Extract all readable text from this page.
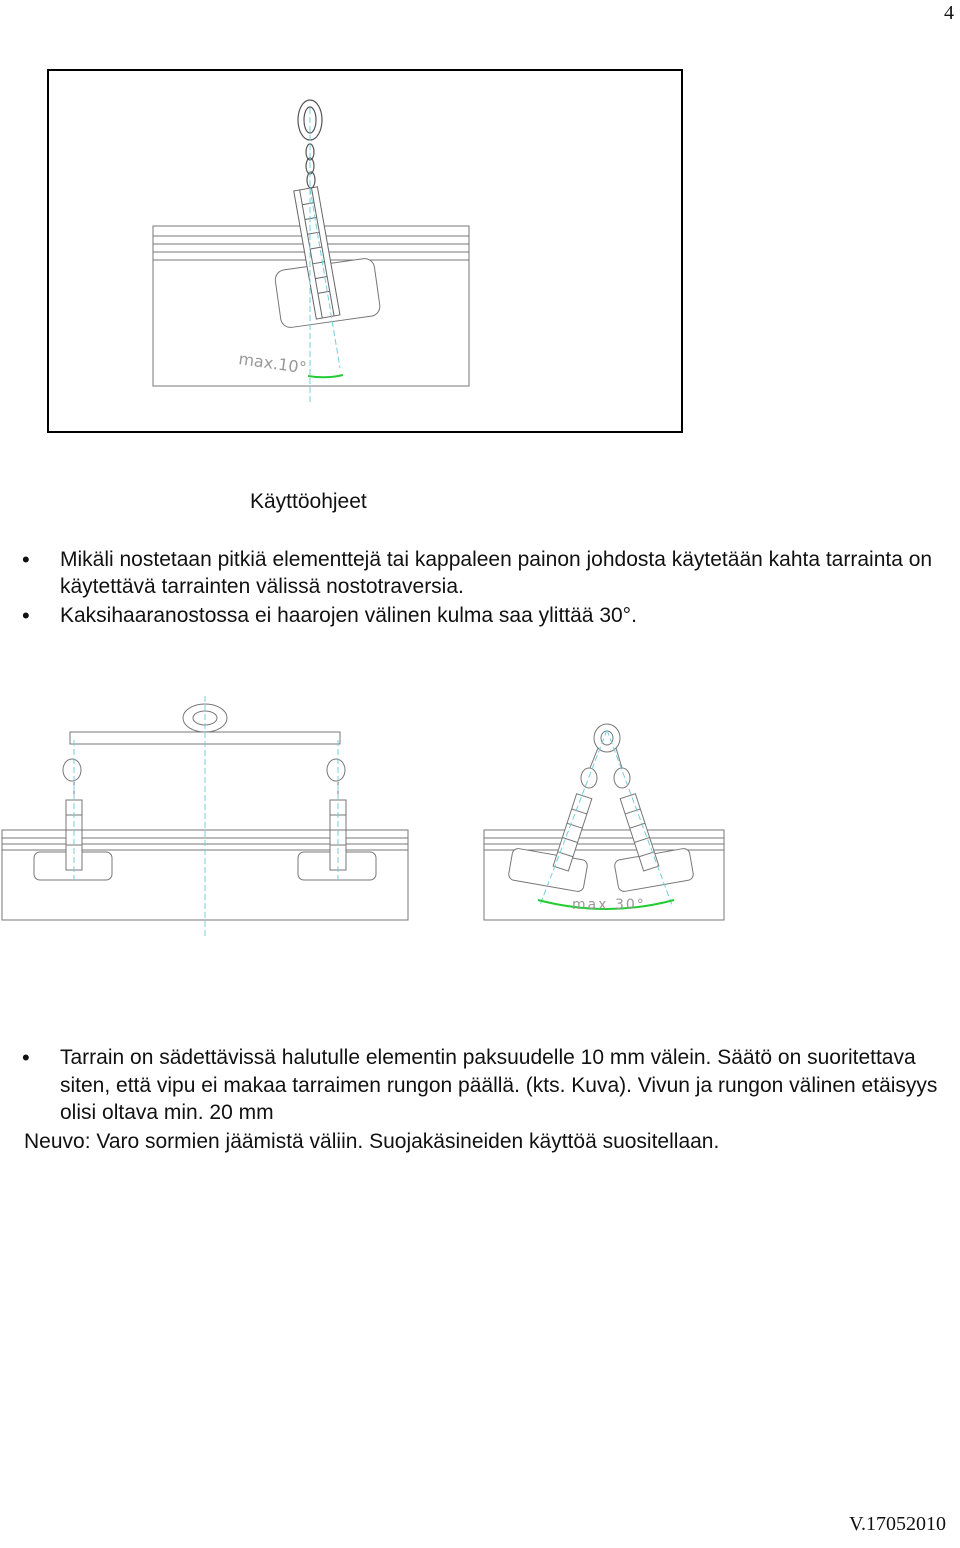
4
max.10°
Käyttöohjeet
• Mikäli nostetaan pitkiä elementtejä tai kappaleen painon johdosta käytetään kahta tarrainta on käytettävä tarrainten välissä nostotraversia.
• Kaksihaaranostossa ei haarojen välinen kulma saa ylittää 30°.
max 30°
• Tarrain on sädettävissä halutulle elementin paksuudelle 10 mm välein. Säätö on suoritettava siten, että vipu ei makaa tarraimen rungon päällä. (kts. Kuva). Vivun ja rungon välinen etäisyys olisi oltava min. 20 mm
Neuvo: Varo sormien jäämistä väliin. Suojakäsineiden käyttöä suositellaan.
V.17052010
